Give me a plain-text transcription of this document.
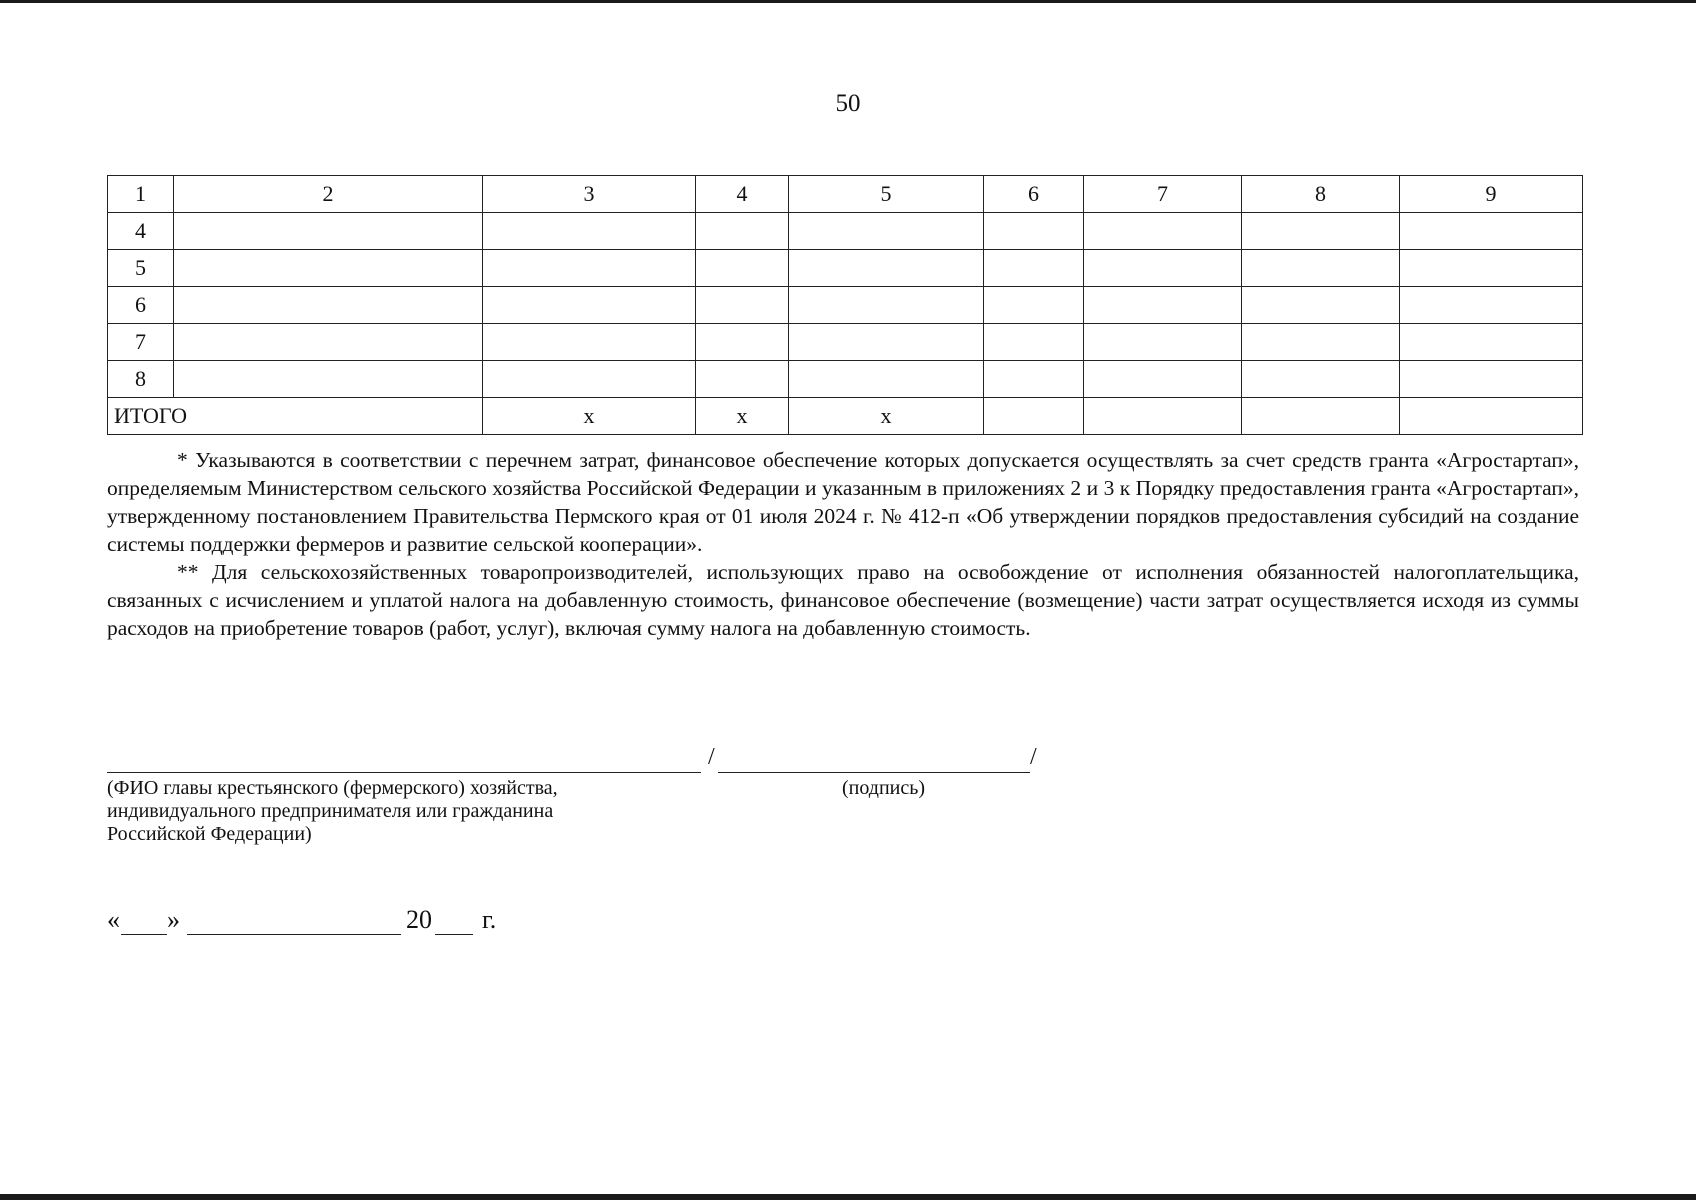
50
1	2	3	4	5	6	7	8	9
4								
5								
6								
7								
8								
ИТОГО		x	x	x				

* Указываются в соответствии с перечнем затрат, финансовое обеспечение которых допускается осуществлять за счет средств гранта «Агростартап», определяемым Министерством сельского хозяйства Российской Федерации и указанным в приложениях 2 и 3 к Порядку предоставления гранта «Агростартап», утвержденному постановлением Правительства Пермского края от 01 июля 2024 г. № 412-п «Об утверждении порядков предоставления субсидий на создание системы поддержки фермеров и развитие сельской кооперации».

** Для сельскохозяйственных товаропроизводителей, использующих право на освобождение от исполнения обязанностей налогоплательщика, связанных с исчислением и уплатой налога на добавленную стоимость, финансовое обеспечение (возмещение) части затрат осуществляется исходя из суммы расходов на приобретение товаров (работ, услуг), включая сумму налога на добавленную стоимость.

/	/
(ФИО главы крестьянского (фермерского) хозяйства,
индивидуального предпринимателя или гражданина
Российской Федерации)
(подпись)
« »	20 г.
